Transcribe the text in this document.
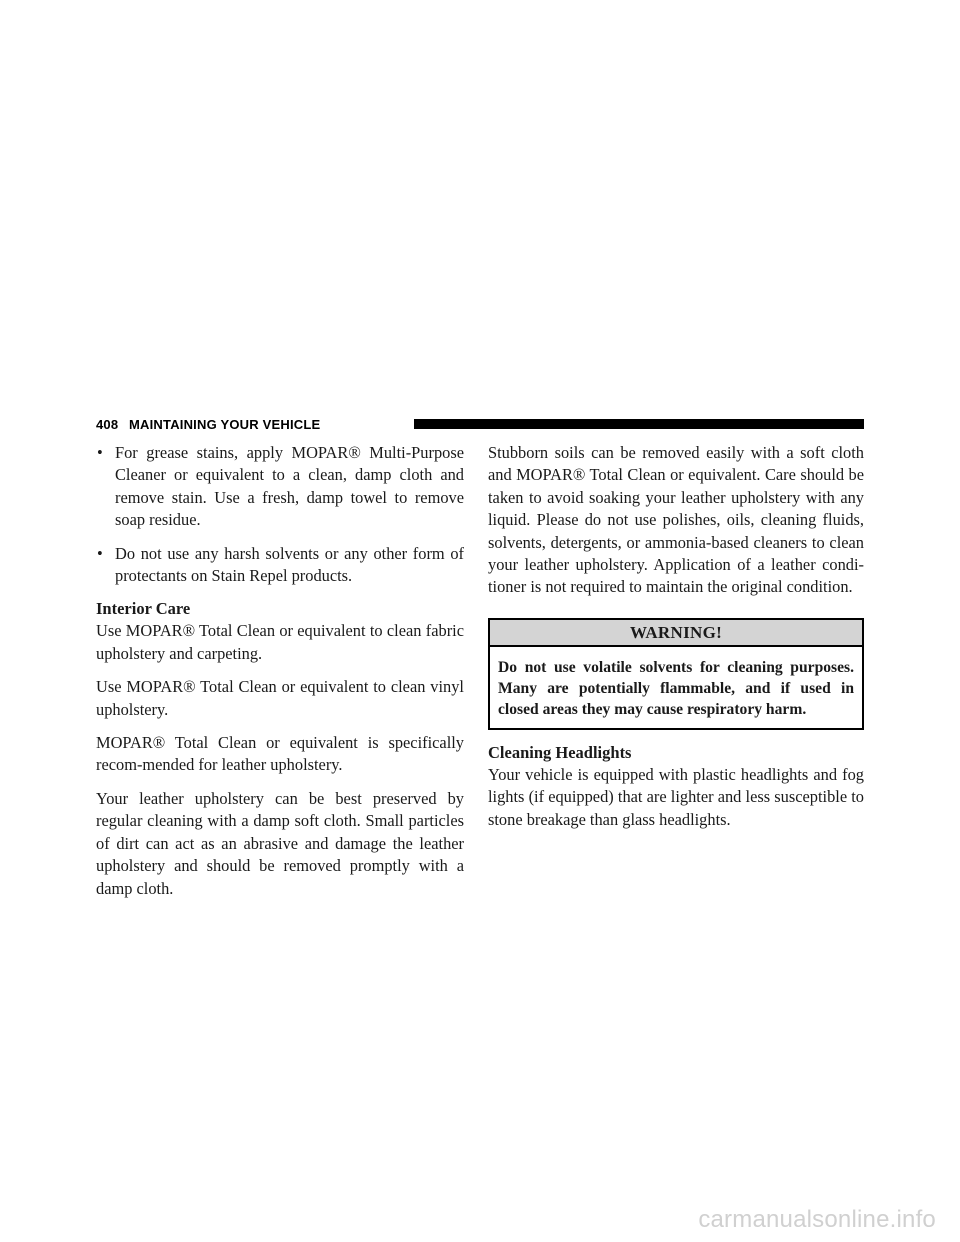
408 MAINTAINING YOUR VEHICLE
• For grease stains, apply MOPAR® Multi-Purpose Cleaner or equivalent to a clean, damp cloth and remove stain. Use a fresh, damp towel to remove soap residue.
• Do not use any harsh solvents or any other form of protectants on Stain Repel products.
Interior Care

Use MOPAR® Total Clean or equivalent to clean fabric upholstery and carpeting.

Use MOPAR® Total Clean or equivalent to clean vinyl upholstery.

MOPAR® Total Clean or equivalent is specifically recom-mended for leather upholstery.

Your leather upholstery can be best preserved by regular cleaning with a damp soft cloth. Small particles of dirt can act as an abrasive and damage the leather upholstery and should be removed promptly with a damp cloth.

Stubborn soils can be removed easily with a soft cloth and MOPAR® Total Clean or equivalent. Care should be taken to avoid soaking your leather upholstery with any liquid. Please do not use polishes, oils, cleaning fluids, solvents, detergents, or ammonia-based cleaners to clean your leather upholstery. Application of a leather condi-tioner is not required to maintain the original condition.

WARNING!
Do not use volatile solvents for cleaning purposes. Many are potentially flammable, and if used in closed areas they may cause respiratory harm.
Cleaning Headlights

Your vehicle is equipped with plastic headlights and fog lights (if equipped) that are lighter and less susceptible to stone breakage than glass headlights.

carmanualsonline.info
